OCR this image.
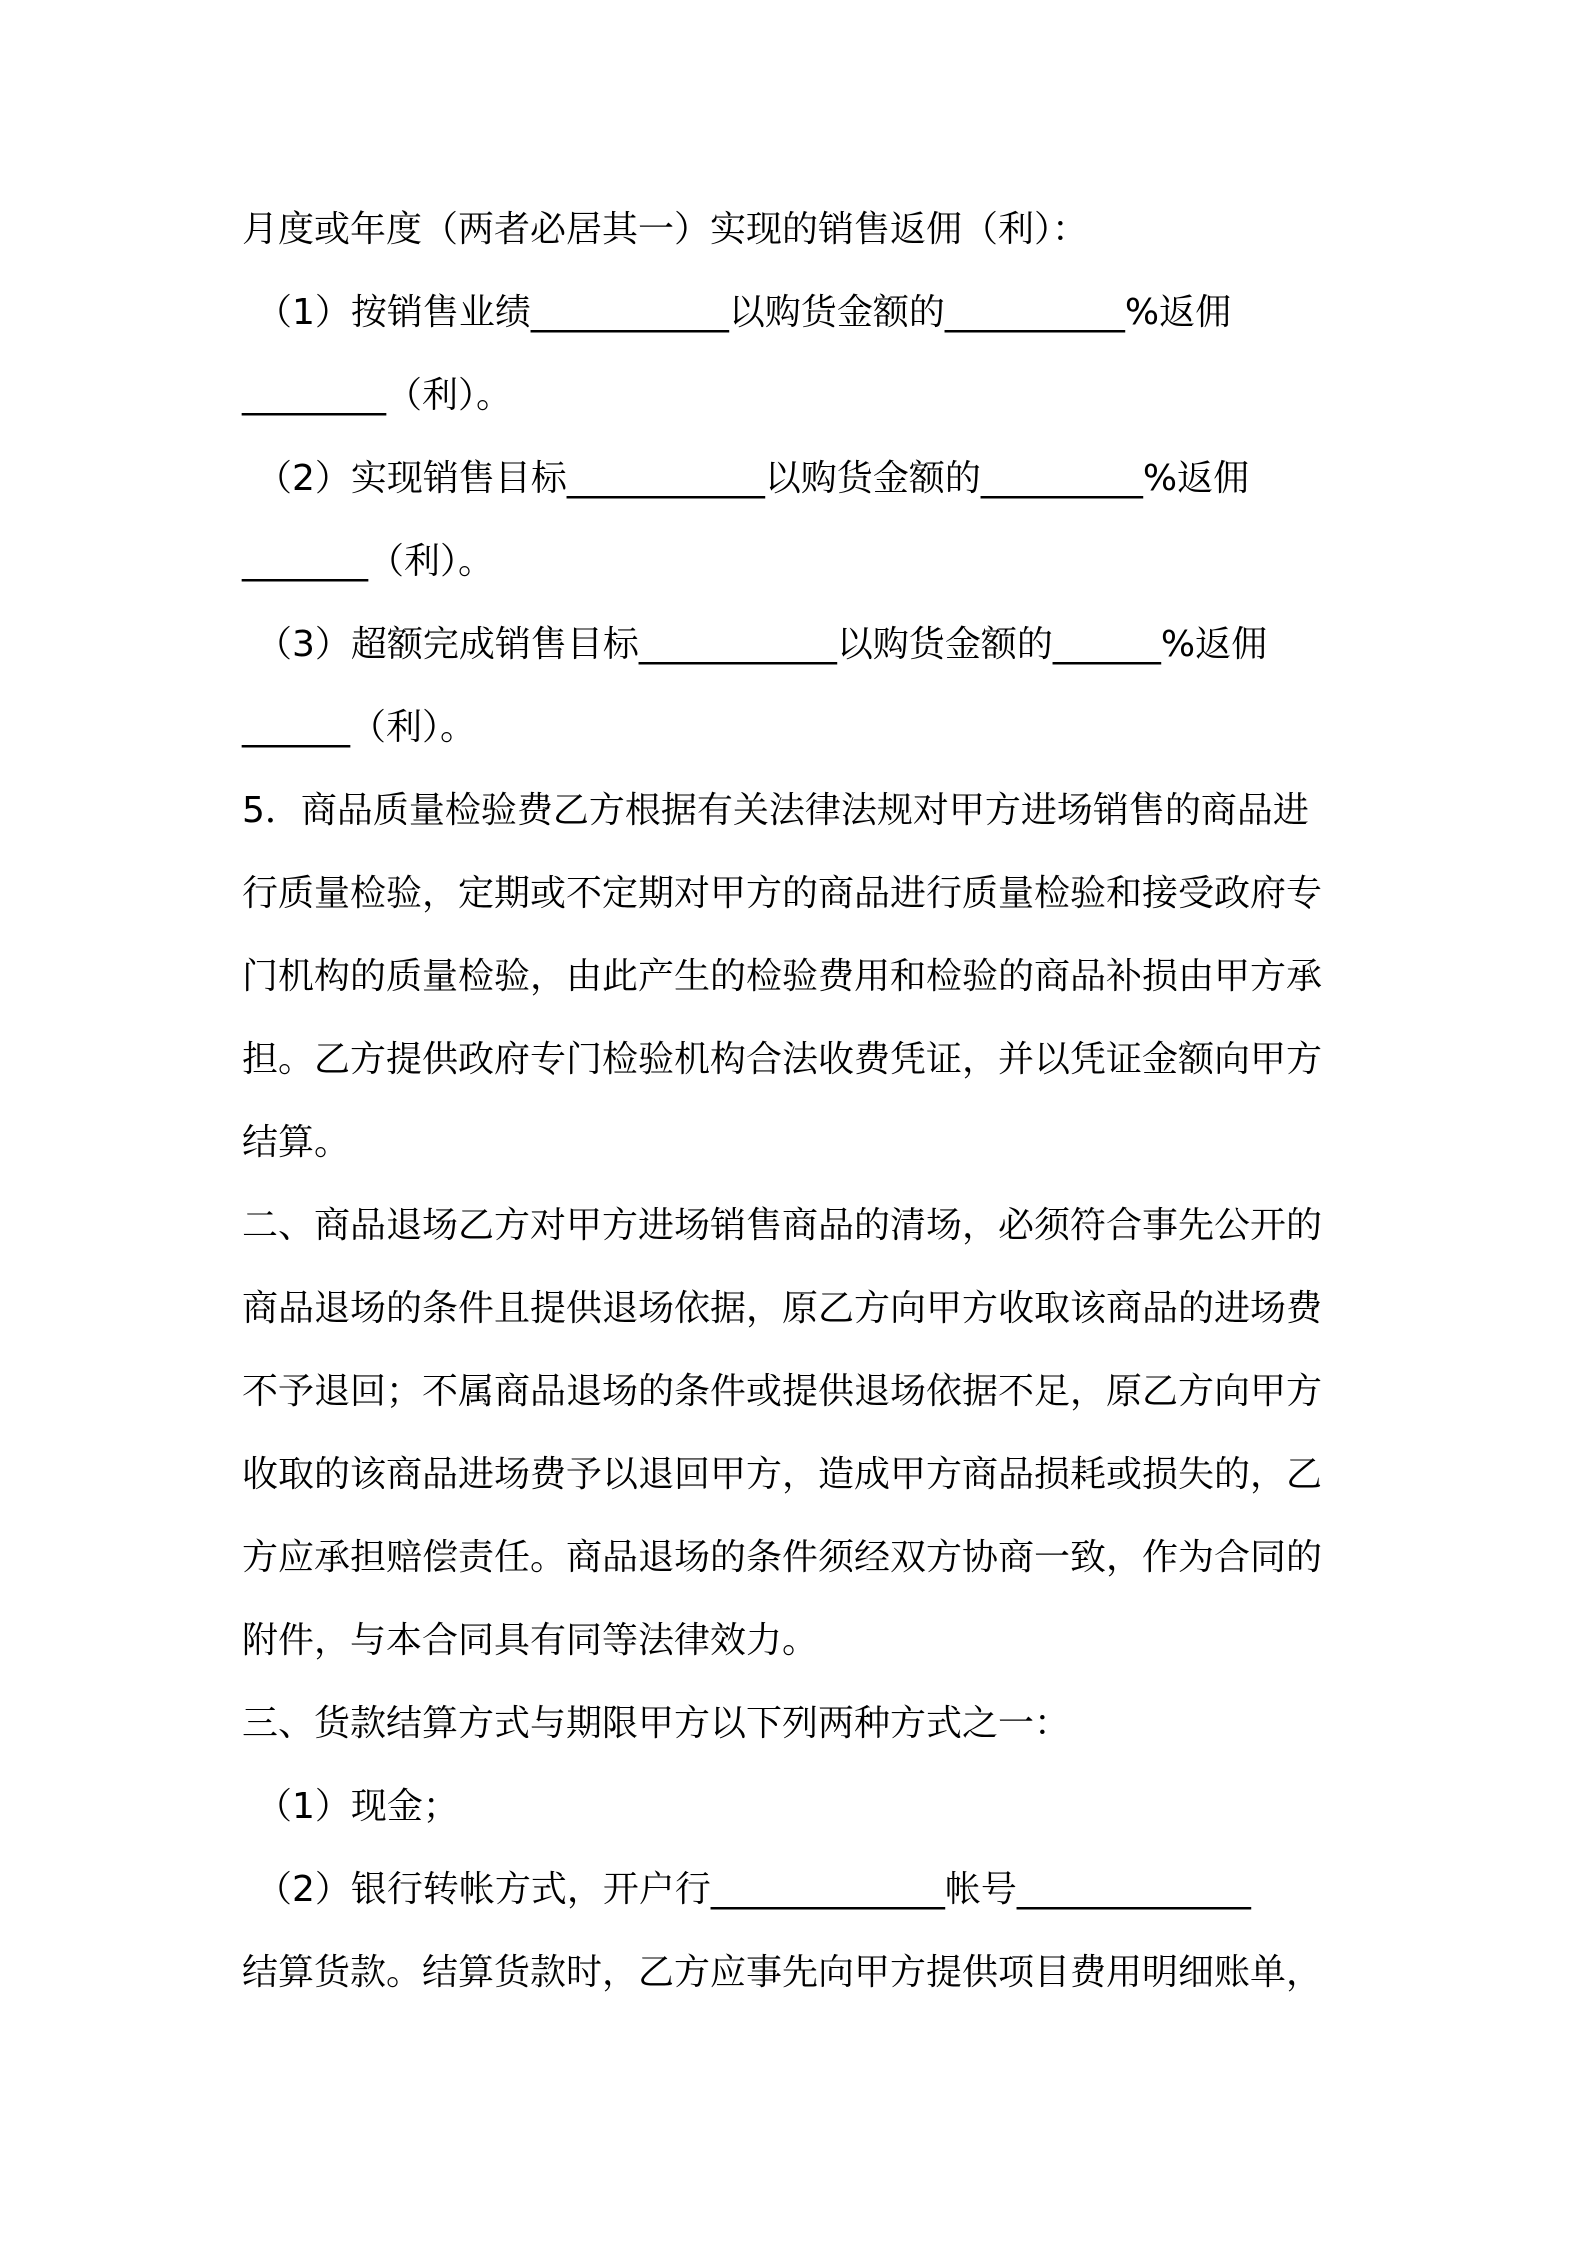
月度或年度（两者必居其一）实现的销售返佣（利）：
（1）按销售业绩___________以购货金额的__________%返佣
________（利）。
（2）实现销售目标___________以购货金额的_________%返佣
_______（利）。
（3）超额完成销售目标___________以购货金额的______%返佣
______（利）。
5．商品质量检验费乙方根据有关法律法规对甲方进场销售的商品进
行质量检验，定期或不定期对甲方的商品进行质量检验和接受政府专
门机构的质量检验，由此产生的检验费用和检验的商品补损由甲方承
担。乙方提供政府专门检验机构合法收费凭证，并以凭证金额向甲方
结算。
二、商品退场乙方对甲方进场销售商品的清场，必须符合事先公开的
商品退场的条件且提供退场依据，原乙方向甲方收取该商品的进场费
不予退回；不属商品退场的条件或提供退场依据不足，原乙方向甲方
收取的该商品进场费予以退回甲方，造成甲方商品损耗或损失的，乙
方应承担赔偿责任。商品退场的条件须经双方协商一致，作为合同的
附件，与本合同具有同等法律效力。
三、货款结算方式与期限甲方以下列两种方式之一：
（1）现金；
（2）银行转帐方式，开户行_____________帐号_____________
结算货款。结算货款时，乙方应事先向甲方提供项目费用明细账单，
